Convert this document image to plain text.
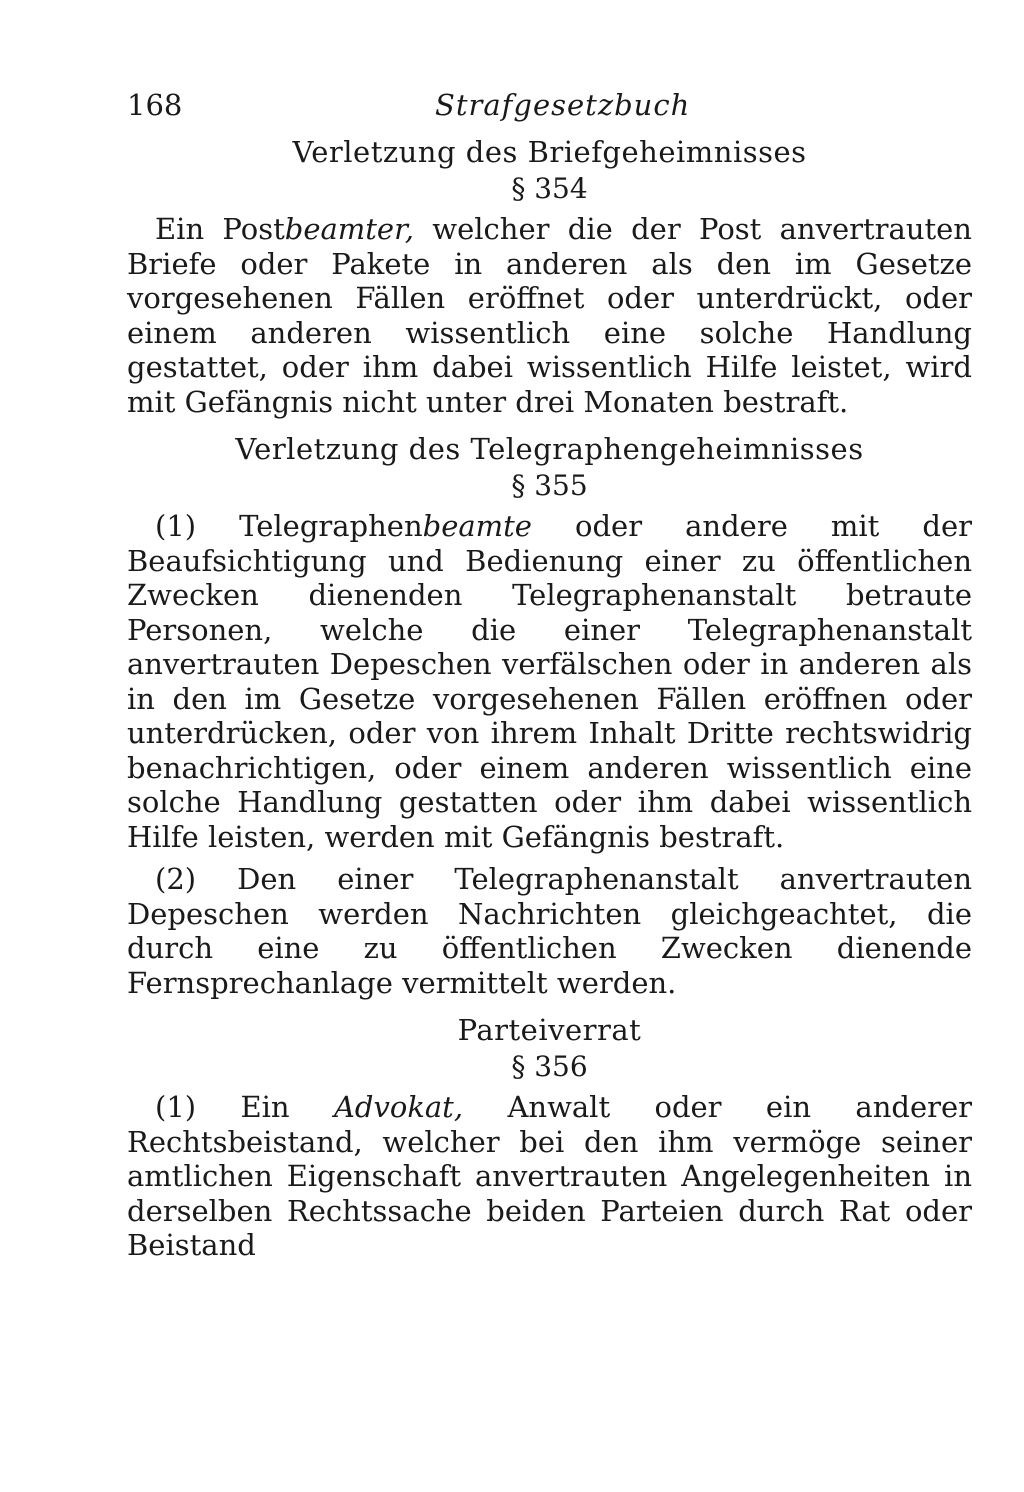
168	Strafgesetzbuch
Verletzung des Briefgeheimnisses
§ 354

Ein Postbeamter, welcher die der Post anvertrauten Briefe oder Pakete in anderen als den im Gesetze vorgesehenen Fällen eröffnet oder unterdrückt, oder einem anderen wissentlich eine solche Handlung gestattet, oder ihm dabei wissentlich Hilfe leistet, wird mit Gefängnis nicht unter drei Monaten bestraft.

Verletzung des Telegraphengeheimnisses
§ 355

(1) Telegraphenbeamte oder andere mit der Beaufsichtigung und Bedienung einer zu öffentlichen Zwecken dienenden Telegraphenanstalt betraute Personen, welche die einer Telegraphenanstalt anvertrauten Depeschen verfälschen oder in anderen als in den im Gesetze vorgesehenen Fällen eröffnen oder unterdrücken, oder von ihrem Inhalt Dritte rechtswidrig benachrichtigen, oder einem anderen wissentlich eine solche Handlung gestatten oder ihm dabei wissentlich Hilfe leisten, werden mit Gefängnis bestraft.

(2) Den einer Telegraphenanstalt anvertrauten Depeschen werden Nachrichten gleichgeachtet, die durch eine zu öffentlichen Zwecken dienende Fernsprechanlage vermittelt werden.

Parteiverrat
§ 356

(1) Ein Advokat, Anwalt oder ein anderer Rechtsbeistand, welcher bei den ihm vermöge seiner amtlichen Eigenschaft anvertrauten Angelegenheiten in derselben Rechtssache beiden Parteien durch Rat oder Beistand
